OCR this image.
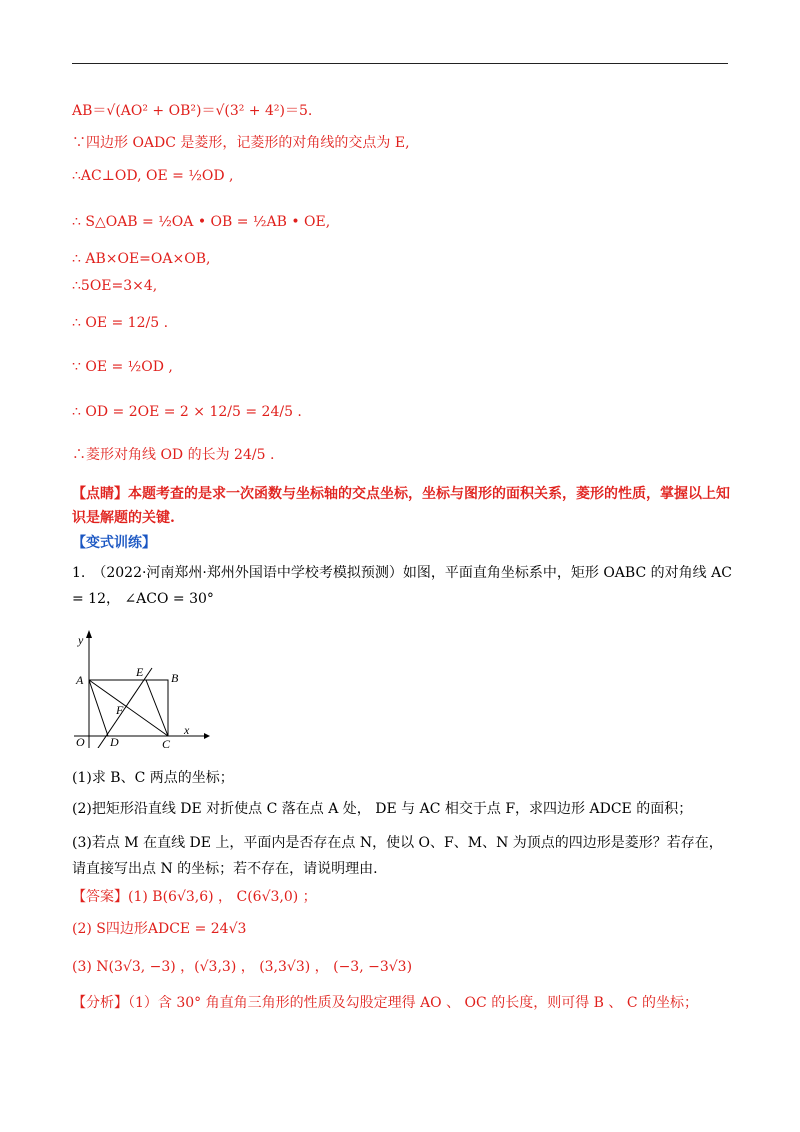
AB＝√(AO² + OB²)＝√(3² + 4²)＝5.
∵四边形 OADC 是菱形，记菱形的对角线的交点为 E,
∴AC⊥OD, OE = ½OD ,
∴ S△OAB = ½OA • OB = ½AB • OE,
∴ AB×OE=OA×OB,
∴5OE=3×4,
∴ OE = 12/5 .
∵ OE = ½OD ,
∴ OD = 2OE = 2 × 12/5 = 24/5 .
∴菱形对角线 OD 的长为 24/5 .
【点睛】本题考查的是求一次函数与坐标轴的交点坐标，坐标与图形的面积关系，菱形的性质，掌握以上知识是解题的关键.
【变式训练】
1.　（2022·河南郑州·郑州外国语中学校考模拟预测）如图，平面直角坐标系中，矩形 OABC 的对角线 AC = 12， ∠ACO = 30°
y
x
A	B
E
F
O D	C
(1)求 B、C 两点的坐标；
(2)把矩形沿直线 DE 对折使点 C 落在点 A 处， DE 与 AC 相交于点 F，求四边形 ADCE 的面积；
(3)若点 M 在直线 DE 上，平面内是否存在点 N，使以 O、F、M、N 为顶点的四边形是菱形？若存在，请直接写出点 N 的坐标；若不存在，请说明理由.
【答案】(1) B(6√3,6) ， C(6√3,0) ；
(2) S四边形ADCE = 24√3
(3) N(3√3, −3) ，(√3,3) ， (3,3√3) ， (−3, −3√3)
【分析】（1）含 30° 角直角三角形的性质及勾股定理得 AO 、 OC 的长度，则可得 B 、 C 的坐标；
